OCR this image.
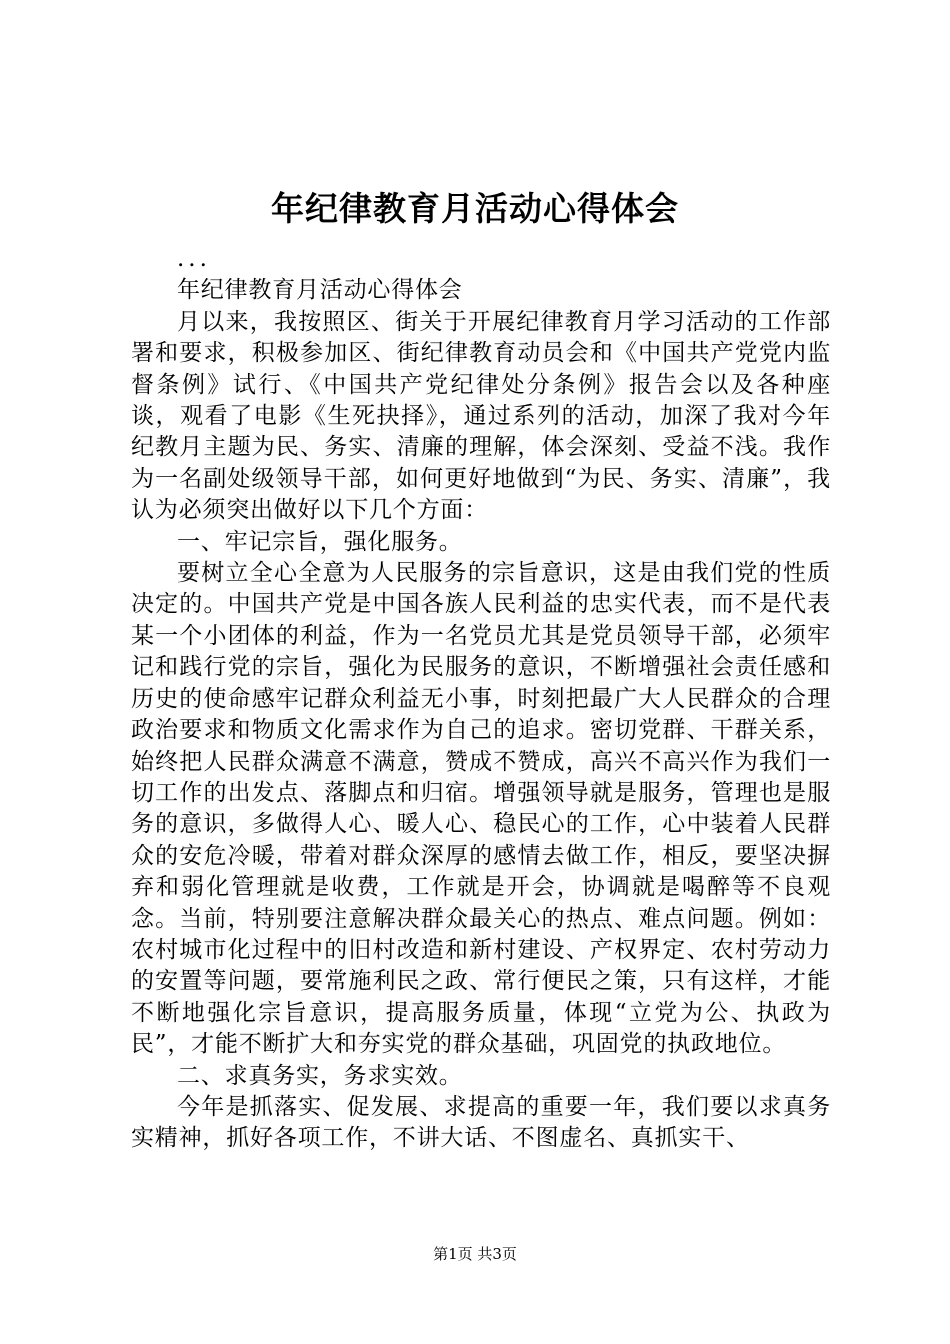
年纪律教育月活动心得体会

...

年纪律教育月活动心得体会

月以来，我按照区、街关于开展纪律教育月学习活动的工作部署和要求，积极参加区、街纪律教育动员会和《中国共产党党内监督条例》试行、《中国共产党纪律处分条例》报告会以及各种座谈，观看了电影《生死抉择》，通过系列的活动，加深了我对今年纪教月主题为民、务实、清廉的理解，体会深刻、受益不浅。我作为一名副处级领导干部，如何更好地做到“为民、务实、清廉”，我认为必须突出做好以下几个方面：

一、牢记宗旨，强化服务。

要树立全心全意为人民服务的宗旨意识，这是由我们党的性质决定的。中国共产党是中国各族人民利益的忠实代表，而不是代表某一个小团体的利益，作为一名党员尤其是党员领导干部，必须牢记和践行党的宗旨，强化为民服务的意识，不断增强社会责任感和历史的使命感牢记群众利益无小事，时刻把最广大人民群众的合理政治要求和物质文化需求作为自己的追求。密切党群、干群关系，始终把人民群众满意不满意，赞成不赞成，高兴不高兴作为我们一切工作的出发点、落脚点和归宿。增强领导就是服务，管理也是服务的意识，多做得人心、暖人心、稳民心的工作，心中装着人民群众的安危冷暖，带着对群众深厚的感情去做工作，相反，要坚决摒弃和弱化管理就是收费，工作就是开会，协调就是喝醉等不良观念。当前，特别要注意解决群众最关心的热点、难点问题。例如：农村城市化过程中的旧村改造和新村建设、产权界定、农村劳动力的安置等问题，要常施利民之政、常行便民之策，只有这样，才能不断地强化宗旨意识，提高服务质量，体现“立党为公、执政为民”，才能不断扩大和夯实党的群众基础，巩固党的执政地位。

二、求真务实，务求实效。

今年是抓落实、促发展、求提高的重要一年，我们要以求真务实精神，抓好各项工作，不讲大话、不图虚名、真抓实干、

第1页 共3页
